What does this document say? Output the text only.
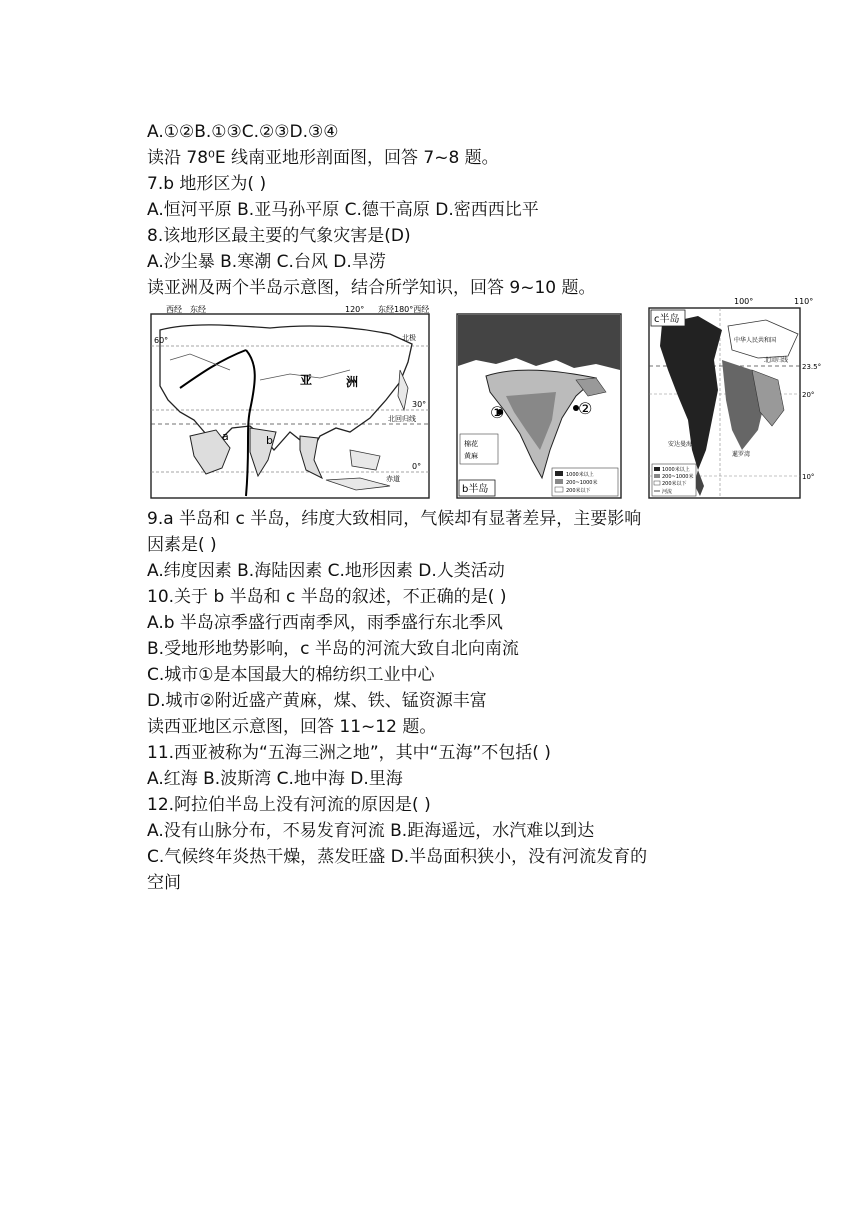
A.①②B.①③C.②③D.③④
读沿 78⁰E 线南亚地形剖面图，回答 7~8 题。
7.b 地形区为( )
A.恒河平原 B.亚马孙平原 C.德干高原 D.密西西比平
8.该地形区最主要的气象灾害是(D)
A.沙尘暴 B.寒潮 C.台风 D.旱涝
读亚洲及两个半岛示意图，结合所学知识，回答 9~10 题。
西经 东经	120° 东经180°西经
60°
30°
0°
北极
亚	洲
北回归线
a	b
赤道
①	②
棉花
黄麻
1000米以上
200~1000米
200米以下
b半岛
100°	110°
23.5°
20°
10°
中华人民共和国
北回归线
安达曼海
暹罗湾
c半岛
1000米以上
200~1000米
200米以下
河流
9.a 半岛和 c 半岛，纬度大致相同，气候却有显著差异，主要影响
因素是( )
A.纬度因素 B.海陆因素 C.地形因素 D.人类活动
10.关于 b 半岛和 c 半岛的叙述，不正确的是( )
A.b 半岛凉季盛行西南季风，雨季盛行东北季风
B.受地形地势影响，c 半岛的河流大致自北向南流
C.城市①是本国最大的棉纺织工业中心
D.城市②附近盛产黄麻，煤、铁、锰资源丰富
读西亚地区示意图，回答 11~12 题。
11.西亚被称为“五海三洲之地”，其中“五海”不包括( )
A.红海 B.波斯湾 C.地中海 D.里海
12.阿拉伯半岛上没有河流的原因是( )
A.没有山脉分布，不易发育河流 B.距海遥远，水汽难以到达
C.气候终年炎热干燥，蒸发旺盛 D.半岛面积狭小，没有河流发育的
空间
